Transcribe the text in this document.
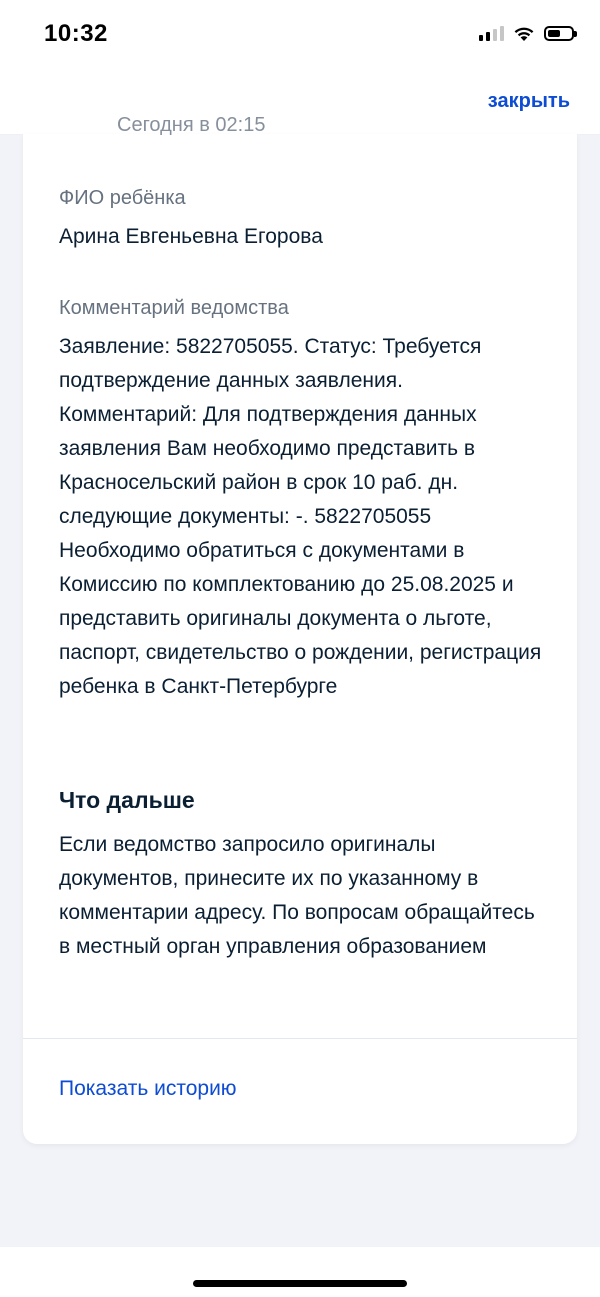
10:32
закрыть
Сегодня в 02:15
ФИО ребёнка
Арина Евгеньевна Егорова
Комментарий ведомства
Заявление: 5822705055. Статус: Требуется подтверждение данных заявления. Комментарий: Для подтверждения данных заявления Вам необходимо представить в Красносельский район в срок 10 раб. дн. следующие документы: -. 5822705055 Необходимо обратиться с документами в Комиссию по комплектованию до 25.08.2025 и представить оригиналы документа о льготе, паспорт, свидетельство о рождении, регистрация ребенка в Санкт-Петербурге
Что дальше
Если ведомство запросило оригиналы документов, принесите их по указанному в комментарии адресу. По вопросам обращайтесь в местный орган управления образованием
Показать историю
